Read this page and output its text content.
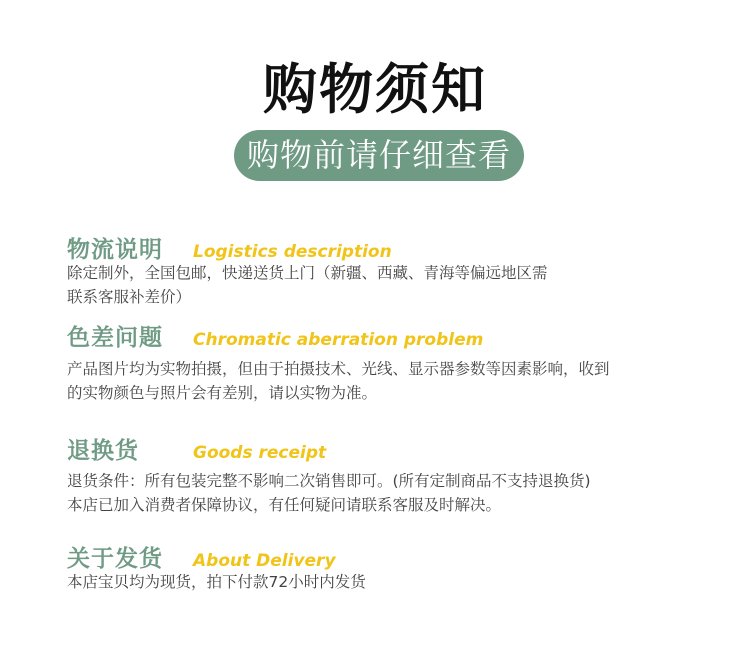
购物须知
购物前请仔细查看
物流说明	Logistics description

除定制外，全国包邮，快递送货上门（新疆、西藏、青海等偏远地区需

联系客服补差价）

色差问题	Chromatic aberration problem

产品图片均为实物拍摄，但由于拍摄技术、光线、显示器参数等因素影响，收到

的实物颜色与照片会有差别，请以实物为准。

退换货	Goods receipt

退货条件：所有包装完整不影响二次销售即可。(所有定制商品不支持退换货)

本店已加入消费者保障协议，有任何疑问请联系客服及时解决。

关于发货	About Delivery

本店宝贝均为现货，拍下付款72小时内发货
